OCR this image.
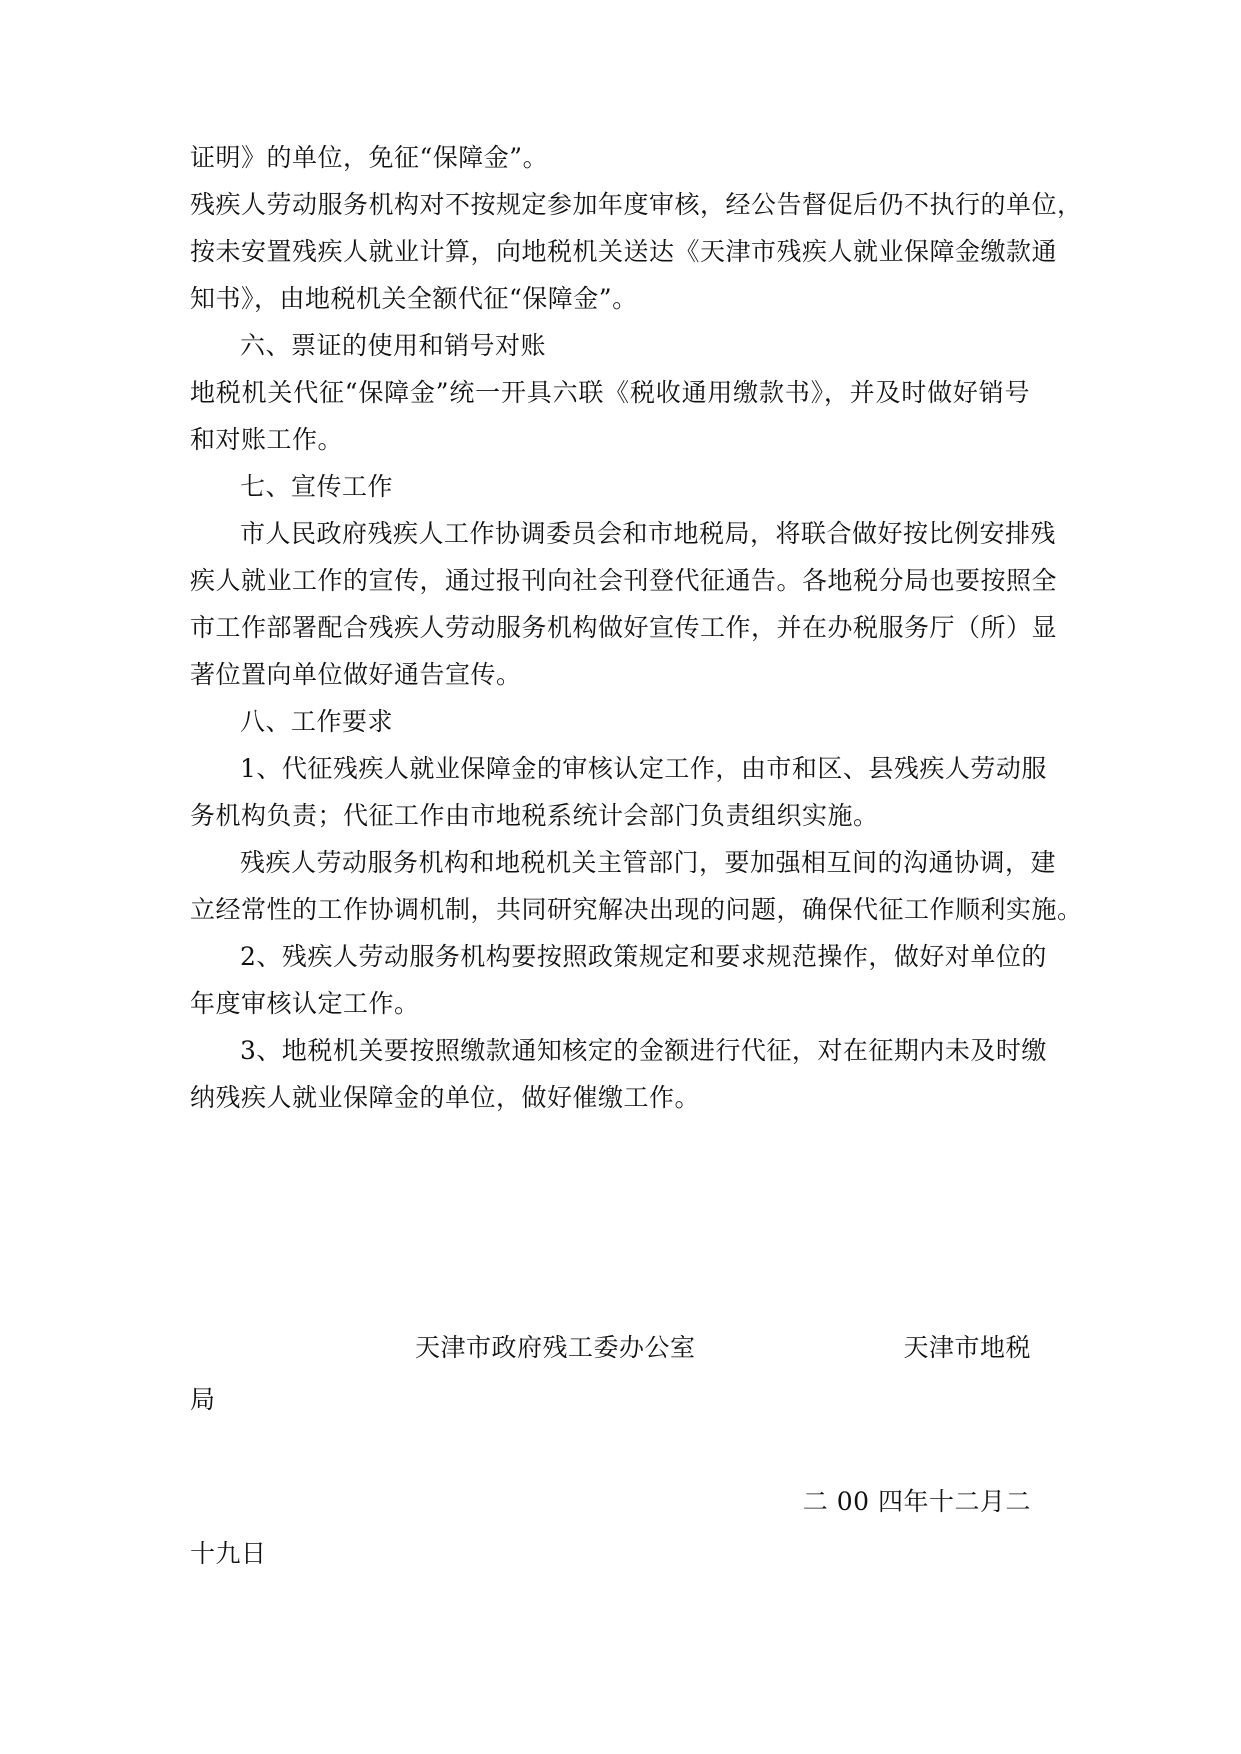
证明》的单位，免征“保障金”。
残疾人劳动服务机构对不按规定参加年度审核，经公告督促后仍不执行的单位，
按未安置残疾人就业计算，向地税机关送达《天津市残疾人就业保障金缴款通
知书》，由地税机关全额代征“保障金”。
六、票证的使用和销号对账
地税机关代征“保障金”统一开具六联《税收通用缴款书》，并及时做好销号
和对账工作。
七、宣传工作
市人民政府残疾人工作协调委员会和市地税局，将联合做好按比例安排残
疾人就业工作的宣传，通过报刊向社会刊登代征通告。各地税分局也要按照全
市工作部署配合残疾人劳动服务机构做好宣传工作，并在办税服务厅（所）显
著位置向单位做好通告宣传。
八、工作要求
1、代征残疾人就业保障金的审核认定工作，由市和区、县残疾人劳动服
务机构负责；代征工作由市地税系统计会部门负责组织实施。
残疾人劳动服务机构和地税机关主管部门，要加强相互间的沟通协调，建
立经常性的工作协调机制，共同研究解决出现的问题，确保代征工作顺利实施。
2、残疾人劳动服务机构要按照政策规定和要求规范操作，做好对单位的
年度审核认定工作。
3、地税机关要按照缴款通知核定的金额进行代征，对在征期内未及时缴
纳残疾人就业保障金的单位，做好催缴工作。
天津市政府残工委办公室	天津市地税
局
二 00 四年十二月二
十九日
